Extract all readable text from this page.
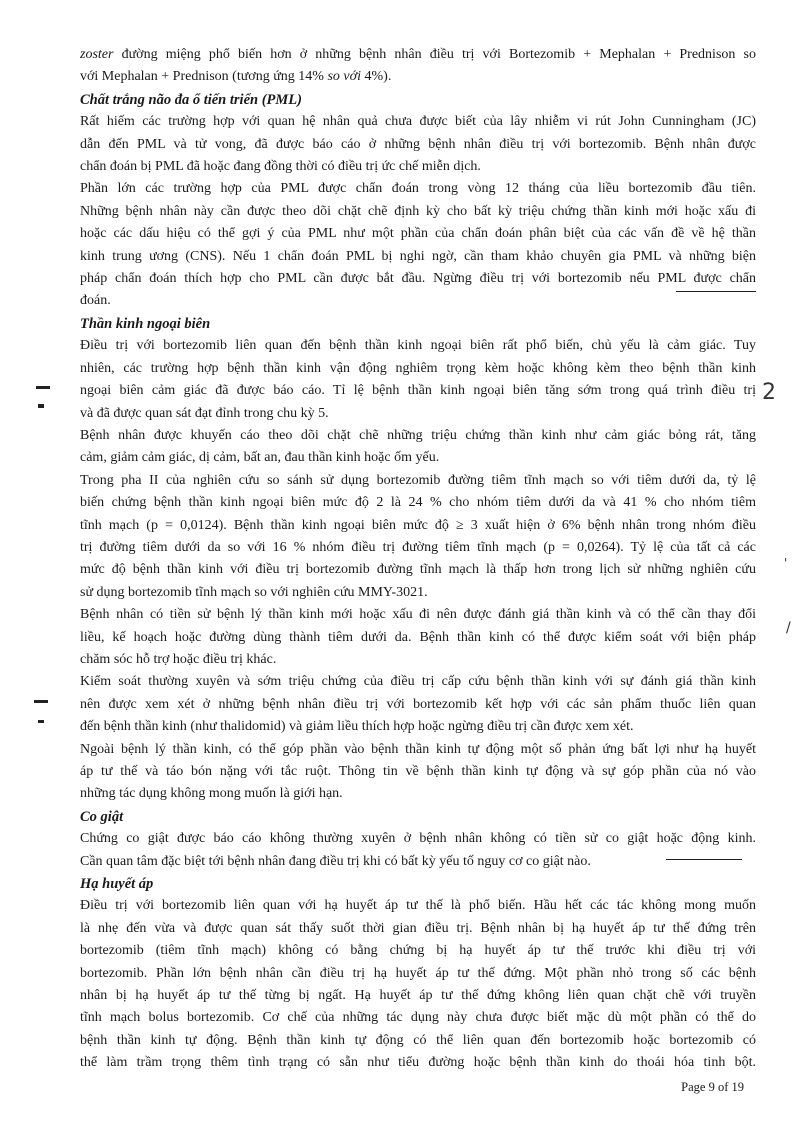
zoster đường miệng phổ biến hơn ở những bệnh nhân điều trị với Bortezomib + Mephalan + Prednison so

với Mephalan + Prednison (tương ứng 14% so với 4%).

Chất trắng não đa ổ tiến triển (PML)

Rất hiếm các trường hợp với quan hệ nhân quả chưa được biết của lây nhiễm vi rút John Cunningham (JC)

dẫn đến PML và tử vong, đã được báo cáo ở những bệnh nhân điều trị với bortezomib. Bệnh nhân được

chẩn đoán bị PML đã hoặc đang đồng thời có điều trị ức chế miễn dịch.

Phần lớn các trường hợp của PML được chẩn đoán trong vòng 12 tháng của liều bortezomib đầu tiên.

Những bệnh nhân này cần được theo dõi chặt chẽ định kỳ cho bất kỳ triệu chứng thần kinh mới hoặc xấu đi

hoặc các dấu hiệu có thể gợi ý của PML như một phần của chẩn đoán phân biệt của các vấn đề về hệ thần

kinh trung ương (CNS). Nếu 1 chẩn đoán PML bị nghi ngờ, cần tham khảo chuyên gia PML và những biện

pháp chẩn đoán thích hợp cho PML cần được bắt đầu. Ngừng điều trị với bortezomib nếu PML được chẩn

đoán.

Thần kinh ngoại biên

Điều trị với bortezomib liên quan đến bệnh thần kinh ngoại biên rất phổ biến, chủ yếu là cảm giác. Tuy

nhiên, các trường hợp bệnh thần kinh vận động nghiêm trọng kèm hoặc không kèm theo bệnh thần kinh

ngoại biên cảm giác đã được báo cáo. Tỉ lệ bệnh thần kinh ngoại biên tăng sớm trong quá trình điều trị

và đã được quan sát đạt đỉnh trong chu kỳ 5.

Bệnh nhân được khuyến cáo theo dõi chặt chẽ những triệu chứng thần kinh như cảm giác bỏng rát, tăng

cảm, giảm cảm giác, dị cảm, bất an, đau thần kinh hoặc ốm yếu.

Trong pha II của nghiên cứu so sánh sử dụng bortezomib đường tiêm tĩnh mạch so với tiêm dưới da, tỷ lệ

biến chứng bệnh thần kinh ngoại biên mức độ 2 là 24 % cho nhóm tiêm dưới da và 41 % cho nhóm tiêm

tĩnh mạch (p = 0,0124). Bệnh thần kinh ngoại biên mức độ ≥ 3 xuất hiện ở 6% bệnh nhân trong nhóm điều

trị đường tiêm dưới da so với 16 % nhóm điều trị đường tiêm tĩnh mạch (p = 0,0264). Tỷ lệ của tất cả các

mức độ bệnh thần kinh với điều trị bortezomib đường tĩnh mạch là thấp hơn trong lịch sử những nghiên cứu

sử dụng bortezomib tĩnh mạch so với nghiên cứu MMY-3021.

Bệnh nhân có tiền sử bệnh lý thần kinh mới hoặc xấu đi nên được đánh giá thần kinh và có thể cần thay đổi

liều, kế hoạch hoặc đường dùng thành tiêm dưới da. Bệnh thần kinh có thể được kiểm soát với biện pháp

chăm sóc hỗ trợ hoặc điều trị khác.

Kiểm soát thường xuyên và sớm triệu chứng của điều trị cấp cứu bệnh thần kinh với sự đánh giá thần kinh

nên được xem xét ở những bệnh nhân điều trị với bortezomib kết hợp với các sản phẩm thuốc liên quan

đến bệnh thần kinh (như thalidomid) và giảm liều thích hợp hoặc ngừng điều trị cần được xem xét.

Ngoài bệnh lý thần kinh, có thể góp phần vào bệnh thần kinh tự động một số phản ứng bất lợi như hạ huyết

áp tư thế và táo bón nặng với tắc ruột. Thông tin về bệnh thần kinh tự động và sự góp phần của nó vào

những tác dụng không mong muốn là giới hạn.

Co giật

Chứng co giật được báo cáo không thường xuyên ở bệnh nhân không có tiền sử co giật hoặc động kinh.

Cần quan tâm đặc biệt tới bệnh nhân đang điều trị khi có bất kỳ yếu tố nguy cơ co giật nào.

Hạ huyết áp

Điều trị với bortezomib liên quan với hạ huyết áp tư thế là phổ biến. Hầu hết các tác không mong muốn

là nhẹ đến vừa và được quan sát thấy suốt thời gian điều trị. Bệnh nhân bị hạ huyết áp tư thế đứng trên

bortezomib (tiêm tĩnh mạch) không có bằng chứng bị hạ huyết áp tư thế trước khi điều trị với

bortezomib. Phần lớn bệnh nhân cần điều trị hạ huyết áp tư thế đứng. Một phần nhỏ trong số các bệnh

nhân bị hạ huyết áp tư thế từng bị ngất. Hạ huyết áp tư thế đứng không liên quan chặt chẽ với truyền

tĩnh mạch bolus bortezomib. Cơ chế của những tác dụng này chưa được biết mặc dù một phần có thể do

bệnh thần kinh tự động. Bệnh thần kinh tự động có thể liên quan đến bortezomib hoặc bortezomib có

thể làm trầm trọng thêm tình trạng có sẵn như tiểu đường hoặc bệnh thần kinh do thoái hóa tinh bột.

2
'
/
Page 9 of 19
